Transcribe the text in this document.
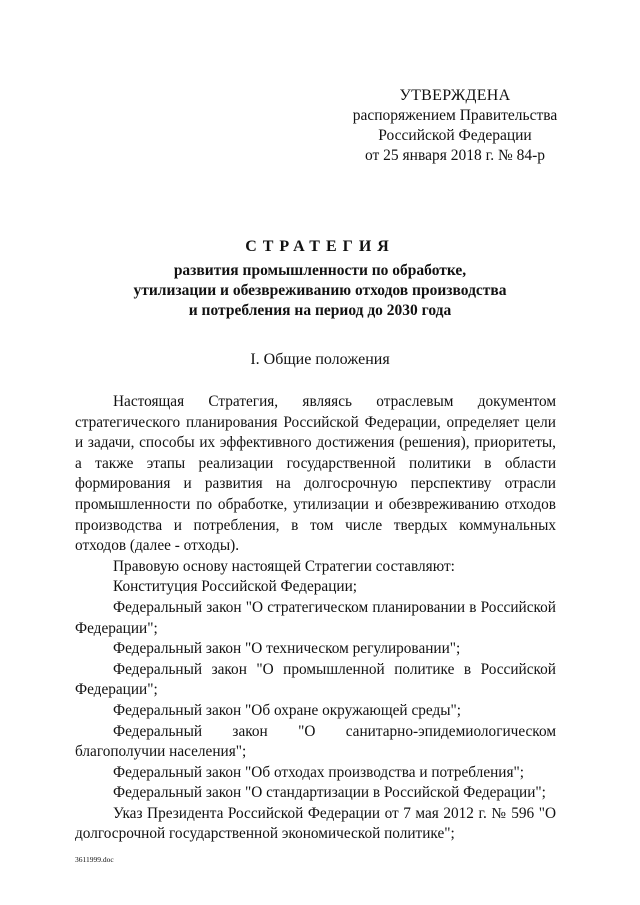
УТВЕРЖДЕНА
распоряжением Правительства
Российской Федерации
от 25 января 2018 г. № 84-р
СТРАТЕГИЯ
развития промышленности по обработке,
утилизации и обезвреживанию отходов производства
и потребления на период до 2030 года
I. Общие положения

Настоящая Стратегия, являясь отраслевым документом стратегического планирования Российской Федерации, определяет цели и задачи, способы их эффективного достижения (решения), приоритеты, а также этапы реализации государственной политики в области формирования и развития на долгосрочную перспективу отрасли промышленности по обработке, утилизации и обезвреживанию отходов производства и потребления, в том числе твердых коммунальных отходов (далее - отходы).

Правовую основу настоящей Стратегии составляют:

Конституция Российской Федерации;

Федеральный закон "О стратегическом планировании в Российской Федерации";

Федеральный закон "О техническом регулировании";

Федеральный закон "О промышленной политике в Российской Федерации";

Федеральный закон "Об охране окружающей среды";

Федеральный закон "О санитарно-эпидемиологическом благополучии населения";

Федеральный закон "Об отходах производства и потребления";

Федеральный закон "О стандартизации в Российской Федерации";

Указ Президента Российской Федерации от 7 мая 2012 г. № 596 "О долгосрочной государственной экономической политике";

3611999.doc
